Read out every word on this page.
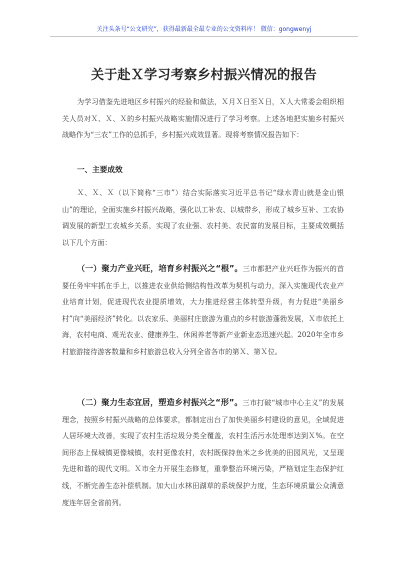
关注头条号“公文研究”，获得最新最全最专业的公文资料库！ 微信：gongwenyj
关于赴Ｘ学习考察乡村振兴情况的报告
为学习借鉴先进地区乡村振兴的经验和做法，Ｘ月Ｘ日至Ｘ日，Ｘ人大常委会组织相关人员对Ｘ、Ｘ、Ｘ的乡村振兴战略实施情况进行了学习考察。上述各地把实施乡村振兴战略作为“三农”工作的总抓手，乡村振兴成效显著。现将考察情况报告如下：
一、主要成效
Ｘ、Ｘ、Ｘ（以下简称“三市”）结合实际落实习近平总书记“绿水青山就是金山银山”的理论，全面实施乡村振兴战略，强化以工补农、以城带乡，形成了城乡互补、工农协调发展的新型工农城乡关系，实现了农业强、农村美、农民富的发展目标，主要成效概括以下几个方面：
（一）聚力产业兴旺，培育乡村振兴之“根”。三市都把产业兴旺作为振兴的首要任务牢牢抓在手上，以推进农业供给侧结构性改革为契机与动力，深入实施现代农业产业培育计划，促进现代农业提质增效，大力推进经营主体转型升级，有力促进“美丽乡村”向“美丽经济”转化。以农家乐、美丽村庄旅游为重点的乡村旅游蓬勃发展，Ｘ市依托上海，农村电商、观光农业、健康养生、休闲养老等新产业新业态迅速兴起。2020年全市乡村旅游接待游客数量和乡村旅游总收入分列全省各市的第Ｘ、第Ｘ位。
（二）聚力生态宜居，塑造乡村振兴之“形”。三市打破“城市中心主义”的发展理念，按照乡村振兴战略的总体要求，都制定出台了加快美丽乡村建设的意见，全域促进人居环境大改善，实现了农村生活垃圾分类全覆盖，农村生活污水处理率达到Ｘ%。在空间形态上保城镇更像城镇，农村更像农村，农村既保持鱼米之乡优美的田园风光，又呈现先进和谐的现代文明。Ｘ市全力开展生态修复，重拳整治环境污染，严格划定生态保护红线，不断完善生态补偿机制。加大山水林田湖草的系统保护力度，生态环境质量公众满意度连年居全省前列。
